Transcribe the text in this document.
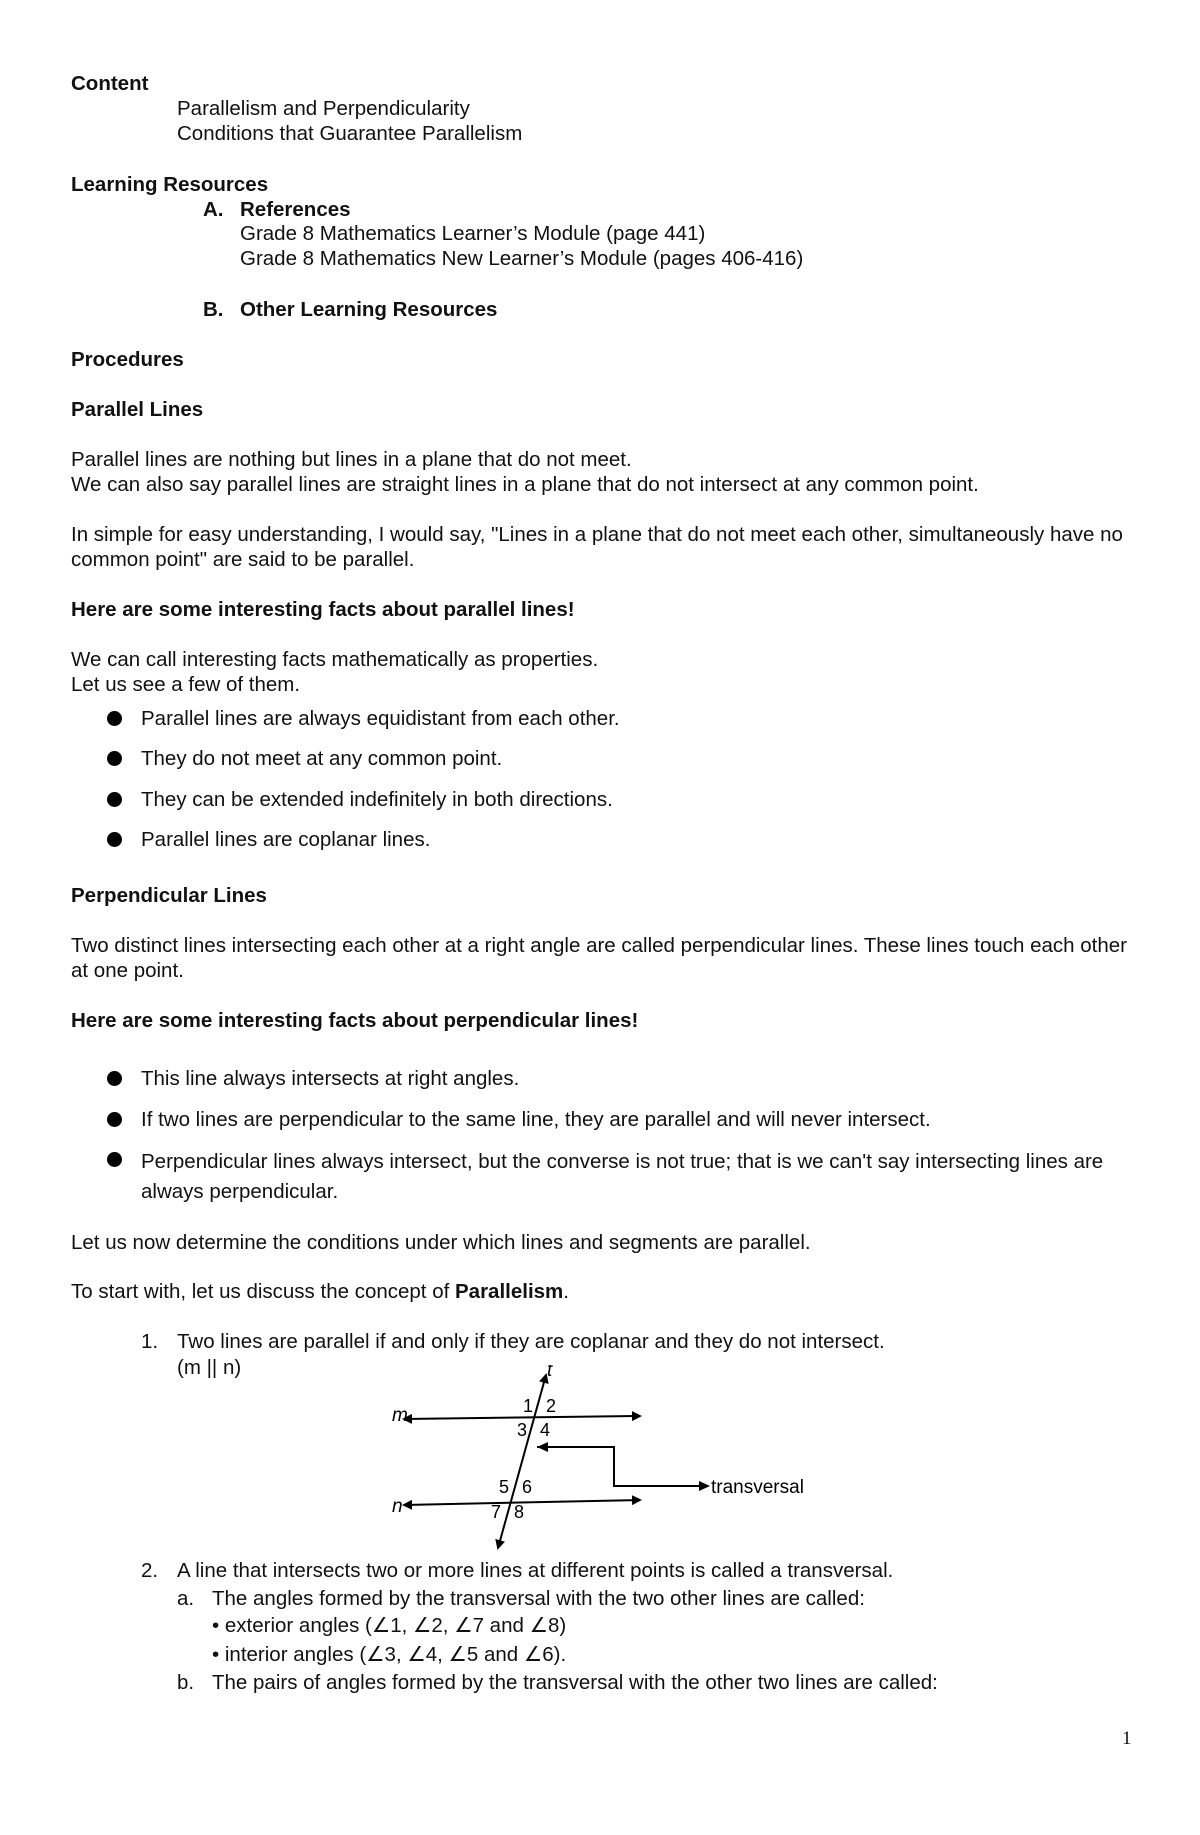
Content
Parallelism and Perpendicularity
Conditions that Guarantee Parallelism
Learning Resources
A. References
Grade 8 Mathematics Learner’s Module (page 441)
Grade 8 Mathematics New Learner’s Module (pages 406-416)
B. Other Learning Resources
Procedures
Parallel Lines
Parallel lines are nothing but lines in a plane that do not meet.
We can also say parallel lines are straight lines in a plane that do not intersect at any common point.
In simple for easy understanding, I would say, "Lines in a plane that do not meet each other, simultaneously have no common point" are said to be parallel.
Here are some interesting facts about parallel lines!
We can call interesting facts mathematically as properties.
Let us see a few of them.
Parallel lines are always equidistant from each other.
They do not meet at any common point.
They can be extended indefinitely in both directions.
Parallel lines are coplanar lines.
Perpendicular Lines
Two distinct lines intersecting each other at a right angle are called perpendicular lines. These lines touch each other at one point.
Here are some interesting facts about perpendicular lines!
This line always intersects at right angles.
If two lines are perpendicular to the same line, they are parallel and will never intersect.
Perpendicular lines always intersect, but the converse is not true; that is we can't say intersecting lines are always perpendicular.
Let us now determine the conditions under which lines and segments are parallel.
To start with, let us discuss the concept of Parallelism.
1. Two lines are parallel if and only if they are coplanar and they do not intersect.
(m || n)
m
n
t
1 2
3 4
5 6
7 8
transversal
2. A line that intersects two or more lines at different points is called a transversal.
a. The angles formed by the transversal with the two other lines are called:
• exterior angles (∠1, ∠2, ∠7 and ∠8)
• interior angles (∠3, ∠4, ∠5 and ∠6).
b. The pairs of angles formed by the transversal with the other two lines are called:
1
